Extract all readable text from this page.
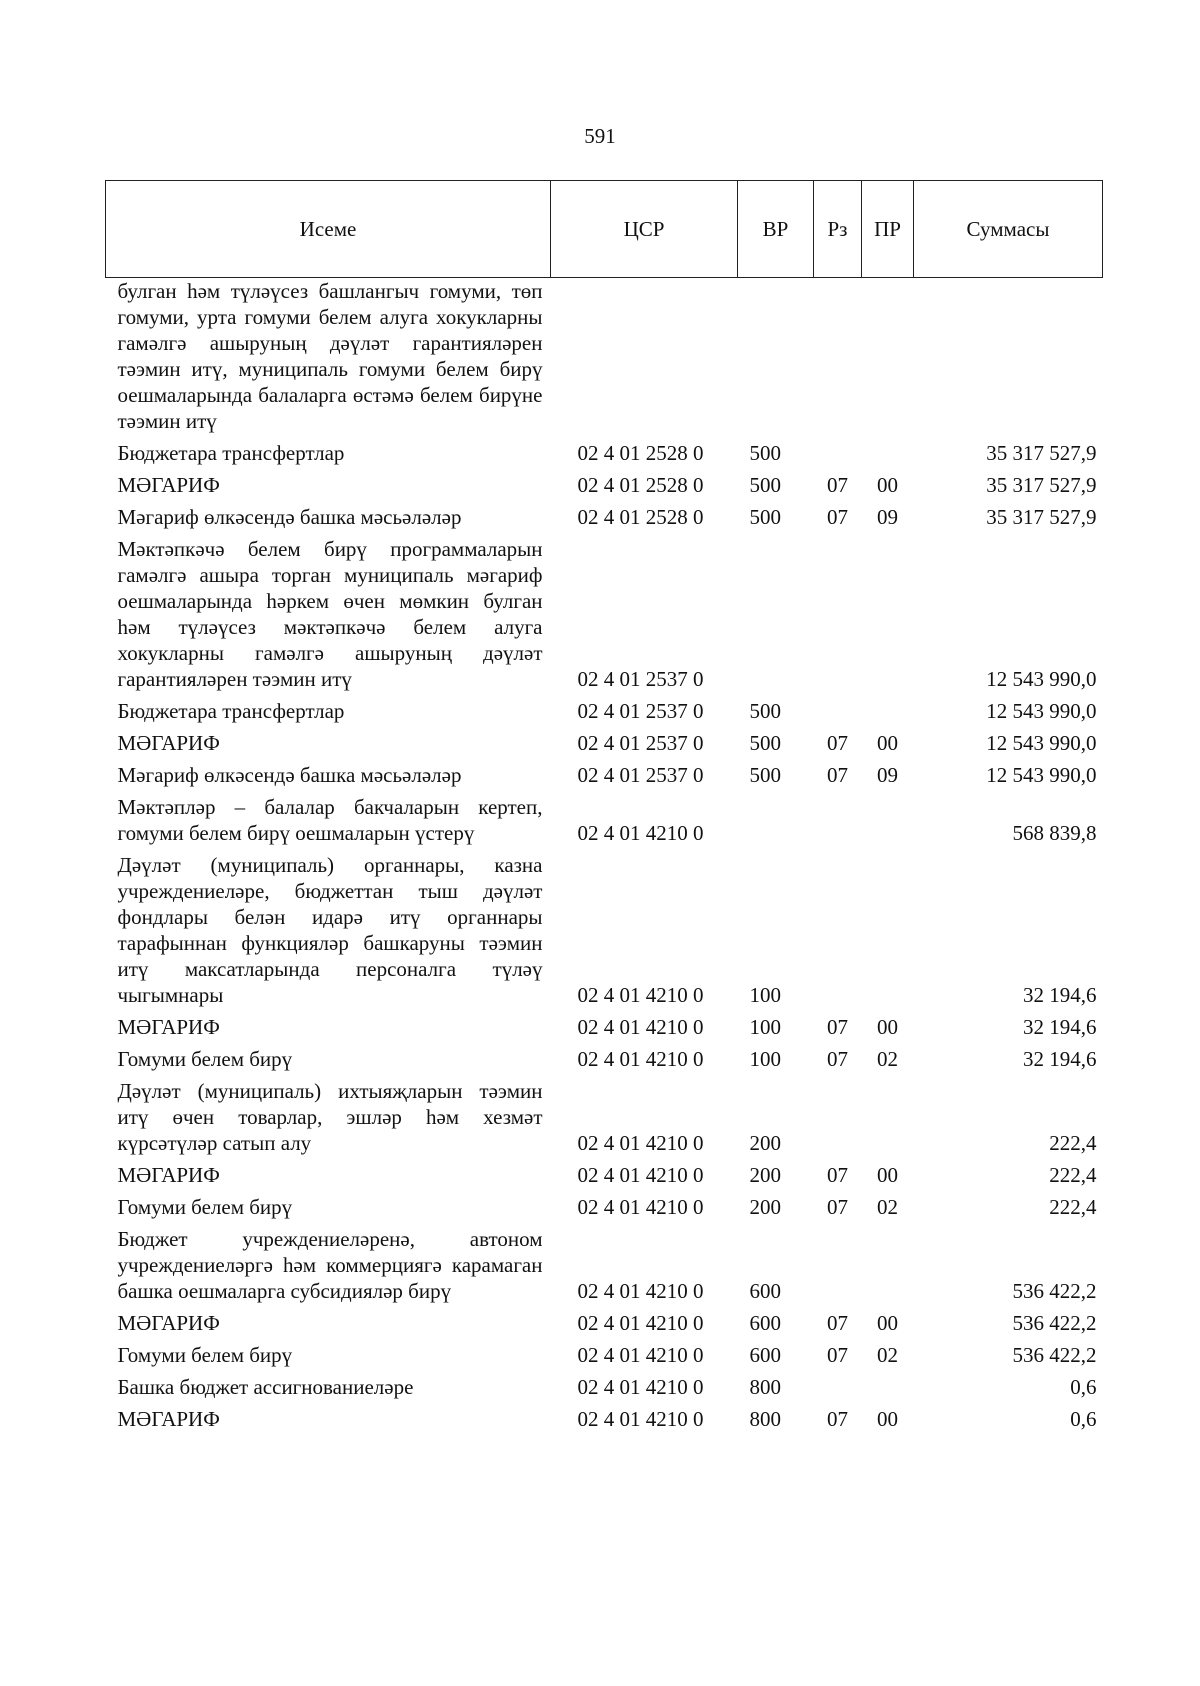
591
Исеме	ЦСР	ВР	Рз	ПР	Суммасы
булган һәм түләүсез башлангыч гомуми, төп гомуми, урта гомуми белем алуга хокукларны гамәлгә ашыруның дәүләт гарантияләрен тәэмин итү, муниципаль гомуми белем бирү оешмаларында балаларга өстәмә белем бирүне тәэмин итү					
Бюджетара трансфертлар	02 4 01 2528 0	500			35 317 527,9
МӘГАРИФ	02 4 01 2528 0	500	07	00	35 317 527,9
Мәгариф өлкәсендә башка мәсьәләләр	02 4 01 2528 0	500	07	09	35 317 527,9
Мәктәпкәчә белем бирү программаларын гамәлгә ашыра торган муниципаль мәгариф оешмаларында һәркем өчен мөмкин булган һәм түләүсез мәктәпкәчә белем алуга хокукларны гамәлгә ашыруның дәүләт гарантияләрен тәэмин итү	02 4 01 2537 0				12 543 990,0
Бюджетара трансфертлар	02 4 01 2537 0	500			12 543 990,0
МӘГАРИФ	02 4 01 2537 0	500	07	00	12 543 990,0
Мәгариф өлкәсендә башка мәсьәләләр	02 4 01 2537 0	500	07	09	12 543 990,0
Мәктәпләр – балалар бакчаларын кертеп, гомуми белем бирү оешмаларын үстерү	02 4 01 4210 0				568 839,8
Дәүләт (муниципаль) органнары, казна учреждениеләре, бюджеттан тыш дәүләт фондлары белән идарә итү органнары тарафыннан функцияләр башкаруны тәэмин итү максатларында персоналга түләү чыгымнары	02 4 01 4210 0	100			32 194,6
МӘГАРИФ	02 4 01 4210 0	100	07	00	32 194,6
Гомуми белем бирү	02 4 01 4210 0	100	07	02	32 194,6
Дәүләт (муниципаль) ихтыяҗларын тәэмин итү өчен товарлар, эшләр һәм хезмәт күрсәтүләр сатып алу	02 4 01 4210 0	200			222,4
МӘГАРИФ	02 4 01 4210 0	200	07	00	222,4
Гомуми белем бирү	02 4 01 4210 0	200	07	02	222,4
Бюджет учреждениеләренә, автоном учреждениеләргә һәм коммерциягә карамаган башка оешмаларга субсидияләр бирү	02 4 01 4210 0	600			536 422,2
МӘГАРИФ	02 4 01 4210 0	600	07	00	536 422,2
Гомуми белем бирү	02 4 01 4210 0	600	07	02	536 422,2
Башка бюджет ассигнованиеләре	02 4 01 4210 0	800			0,6
МӘГАРИФ	02 4 01 4210 0	800	07	00	0,6
